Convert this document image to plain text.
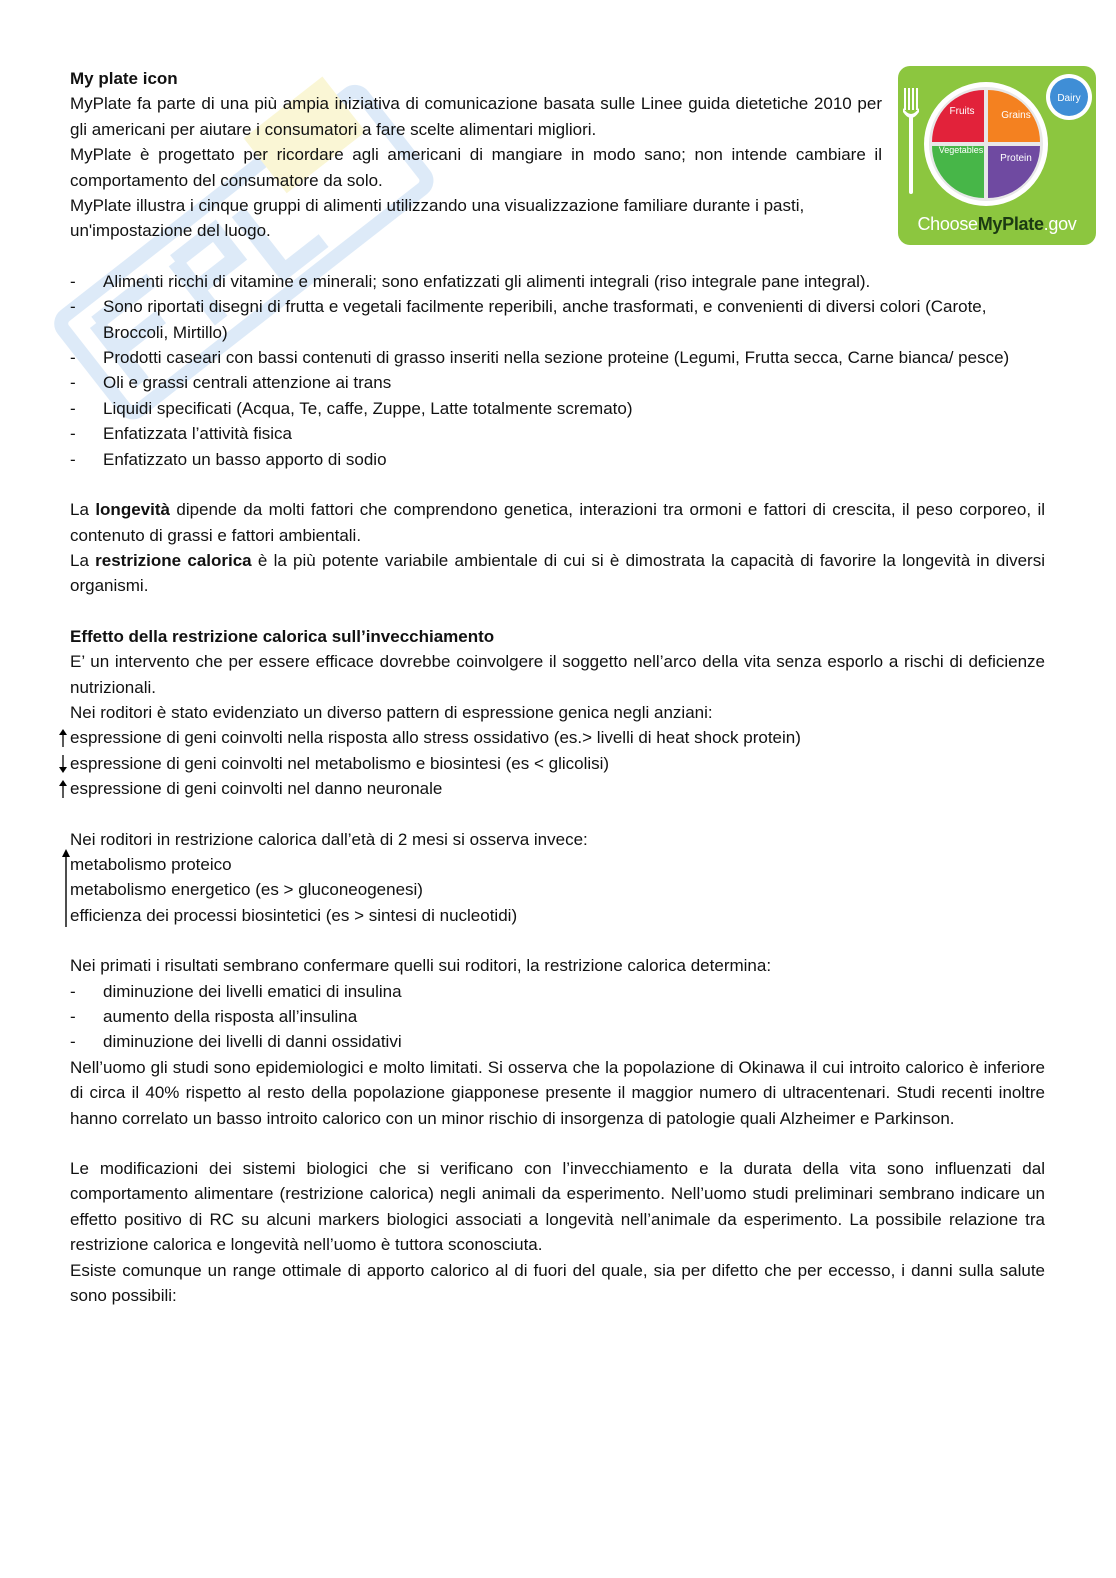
My plate icon
MyPlate fa parte di una più ampia iniziativa di comunicazione basata sulle Linee guida dietetiche 2010 per gli americani per aiutare i consumatori a fare scelte alimentari migliori.
MyPlate è progettato per ricordare agli americani di mangiare in modo sano; non intende cambiare il comportamento del consumatore da solo.
MyPlate illustra i cinque gruppi di alimenti utilizzando una visualizzazione familiare durante i pasti, un'impostazione del luogo.
- Alimenti ricchi di vitamine e minerali; sono enfatizzati gli alimenti integrali (riso integrale pane integral).
- Sono riportati disegni di frutta e vegetali facilmente reperibili, anche trasformati, e convenienti di diversi colori (Carote, Broccoli, Mirtillo)
- Prodotti caseari con bassi contenuti di grasso inseriti nella sezione proteine (Legumi, Frutta secca, Carne bianca/ pesce)
- Oli e grassi centrali attenzione ai trans
- Liquidi specificati (Acqua, Te, caffe, Zuppe, Latte totalmente scremato)
- Enfatizzata l’attività fisica
- Enfatizzato un basso apporto di sodio
La longevità dipende da molti fattori che comprendono genetica, interazioni tra ormoni e fattori di crescita, il peso corporeo, il contenuto di grassi e fattori ambientali.
La restrizione calorica è la più potente variabile ambientale di cui si è dimostrata la capacità di favorire la longevità in diversi organismi.
Effetto della restrizione calorica sull’invecchiamento
E’ un intervento che per essere efficace dovrebbe coinvolgere il soggetto nell’arco della vita senza esporlo a rischi di deficienze nutrizionali.
Nei roditori è stato evidenziato un diverso pattern di espressione genica negli anziani:
espressione di geni coinvolti nella risposta allo stress ossidativo (es.> livelli di heat shock protein)
espressione di geni coinvolti nel metabolismo e biosintesi (es < glicolisi)
espressione di geni coinvolti nel danno neuronale
Nei roditori in restrizione calorica dall’età di 2 mesi si osserva invece:
metabolismo proteico
metabolismo energetico (es > gluconeogenesi)
efficienza dei processi biosintetici (es > sintesi di nucleotidi)
Nei primati i risultati sembrano confermare quelli sui roditori, la restrizione calorica determina:
- diminuzione dei livelli ematici di insulina
- aumento della risposta all’insulina
- diminuzione dei livelli di danni ossidativi
Nell’uomo gli studi sono epidemiologici e molto limitati. Si osserva che la popolazione di Okinawa il cui introito calorico è inferiore di circa il 40% rispetto al resto della popolazione giapponese presente il maggior numero di ultracentenari. Studi recenti inoltre hanno correlato un basso introito calorico con un minor rischio di insorgenza di patologie quali Alzheimer e Parkinson.
Le modificazioni dei sistemi biologici che si verificano con l’invecchiamento e la durata della vita sono influenzati dal comportamento alimentare (restrizione calorica) negli animali da esperimento. Nell’uomo studi preliminari sembrano indicare un effetto positivo di RC su alcuni markers biologici associati a longevità nell’animale da esperimento. La possibile relazione tra restrizione calorica e longevità nell’uomo è tuttora sconosciuta.
Esiste comunque un range ottimale di apporto calorico al di fuori del quale, sia per difetto che per eccesso, i danni sulla salute sono possibili:
Fruits	Grains
Vegetables
Protein
Dairy
ChooseMyPlate.gov
